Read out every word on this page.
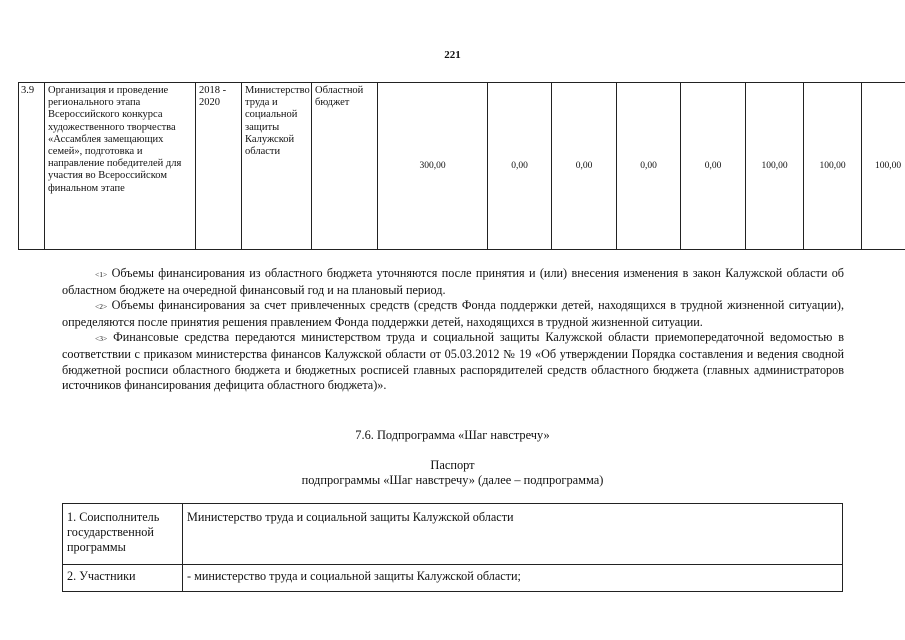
221
3.9	Организация и проведение регионального этапа Всероссийского конкурса художественного творчества «Ассамблея замещающих семей», подготовка и направление победителей для участия во Всероссийском финальном этапе	2018 - 2020	Министерство труда и социальной защиты Калужской области	Областной бюджет	300,00	0,00	0,00	0,00	0,00	100,00	100,00	100,00

<1> Объемы финансирования из областного бюджета уточняются после принятия и (или) внесения изменения в закон Калужской области об областном бюджете на очередной финансовый год и на плановый период.

<2> Объемы финансирования за счет привлеченных средств (средств Фонда поддержки детей, находящихся в трудной жизненной ситуации), определяются после принятия решения правлением Фонда поддержки детей, находящихся в трудной жизненной ситуации.

<3> Финансовые средства передаются министерством труда и социальной защиты Калужской области приемопередаточной ведомостью в соответствии с приказом министерства финансов Калужской области от 05.03.2012 № 19 «Об утверждении Порядка составления и ведения сводной бюджетной росписи областного бюджета и бюджетных росписей главных распорядителей средств областного бюджета (главных администраторов источников финансирования дефицита областного бюджета)».

7.6. Подпрограмма «Шаг навстречу»
Паспорт
подпрограммы «Шаг навстречу» (далее – подпрограмма)
1. Соисполнитель государственной программы	Министерство труда и социальной защиты Калужской области
2. Участники	- министерство труда и социальной защиты Калужской области;
